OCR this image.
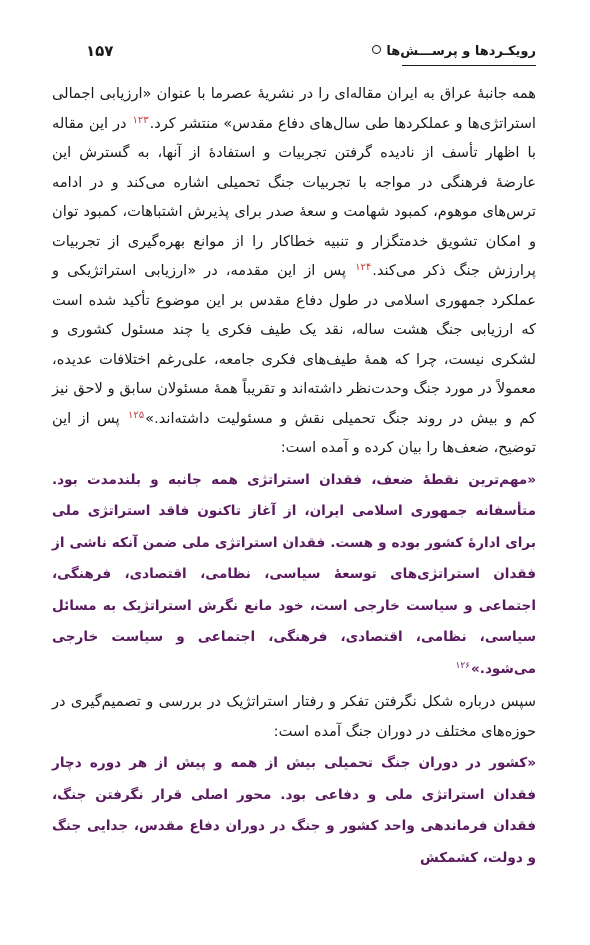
رویکـردها و پرســـش‌ها
۱۵۷

همه جانبهٔ عراق به ایران مقاله‌ای را در نشریهٔ عصرما با عنوان «ارزیابی اجمالی استراتژی‌ها و عملکردها طی سال‌های دفاع مقدس» منتشر کرد.$^{۱۲۳}$ در این مقاله با اظهار تأسف از نادیده گرفتن تجربیات و استفادهٔ از آنها، به گسترش این عارضهٔ فرهنگی در مواجه با تجربیات جنگ تحمیلی اشاره می‌کند و در ادامه ترس‌های موهوم، کمبود شهامت و سعهٔ صدر برای پذیرش اشتباهات، کمبود توان و امکان تشویق خدمتگزار و تنبیه خطاکار را از موانع بهره‌گیری از تجربیات پرارزش جنگ ذکر می‌کند.$^{۱۲۴}$ پس از این مقدمه، در «ارزیابی استراتژیکی و عملکرد جمهوری اسلامی در طول دفاع مقدس بر این موضوع تأکید شده است که ارزیابی جنگ هشت ساله، نقد یک طیف فکری یا چند مسئول کشوری و لشکری نیست، چرا که همهٔ طیف‌های فکری جامعه، علی‌رغم اختلافات عدیده، معمولاً در مورد جنگ وحدت‌نظر داشته‌اند و تقریباً همهٔ مسئولان سابق و لاحق نیز کم و بیش در روند جنگ تحمیلی نقش و مسئولیت داشته‌اند.»$^{۱۲۵}$ پس از این توضیح، ضعف‌ها را بیان کرده و آمده است:

«مهم‌ترین نقطهٔ ضعف، فقدان استراتژی همه جانبه و بلندمدت بود. متأسفانه جمهوری اسلامی ایران، از آغاز تاکنون فاقد استراتژی ملی برای ادارهٔ کشور بوده و هست. فقدان استراتژی ملی ضمن آنکه ناشی از فقدان استراتژی‌های توسعهٔ سیاسی، نظامی، اقتصادی، فرهنگی، اجتماعی و سیاست خارجی است، خود مانع نگرش استراتژیک به مسائل سیاسی، نظامی، اقتصادی، فرهنگی، اجتماعی و سیاست خارجی می‌شود.»$^{۱۲۶}$

سپس درباره شکل نگرفتن تفکر و رفتار استراتژیک در بررسی و تصمیم‌گیری در حوزه‌های مختلف در دوران جنگ آمده است:

«کشور در دوران جنگ تحمیلی بیش از همه و پیش از هر دوره دچار فقدان استراتژی ملی و دفاعی بود. محور اصلی قرار نگرفتن جنگ، فقدان فرماندهی واحد کشور و جنگ در دوران دفاع مقدس، جدایی جنگ و دولت، کشمکش
